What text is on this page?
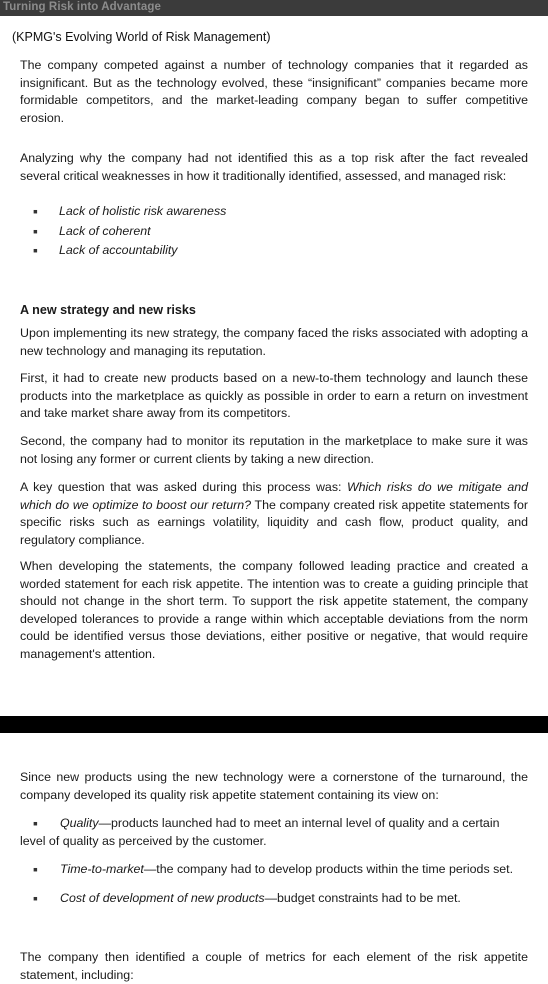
Turning Risk into Advantage
(KPMG's Evolving World of Risk Management)

The company competed against a number of technology companies that it regarded as insignificant. But as the technology evolved, these “insignificant” companies became more formidable competitors, and the market-leading company began to suffer competitive erosion.

Analyzing why the company had not identified this as a top risk after the fact revealed several critical weaknesses in how it traditionally identified, assessed, and managed risk:

▪ Lack of holistic risk awareness
▪ Lack of coherent
▪ Lack of accountability
A new strategy and new risks

Upon implementing its new strategy, the company faced the risks associated with adopting a new technology and managing its reputation.

First, it had to create new products based on a new-to-them technology and launch these products into the marketplace as quickly as possible in order to earn a return on investment and take market share away from its competitors.

Second, the company had to monitor its reputation in the marketplace to make sure it was not losing any former or current clients by taking a new direction.

A key question that was asked during this process was: Which risks do we mitigate and which do we optimize to boost our return? The company created risk appetite statements for specific risks such as earnings volatility, liquidity and cash flow, product quality, and regulatory compliance.

When developing the statements, the company followed leading practice and created a worded statement for each risk appetite. The intention was to create a guiding principle that should not change in the short term. To support the risk appetite statement, the company developed tolerances to provide a range within which acceptable deviations from the norm could be identified versus those deviations, either positive or negative, that would require management's attention.

Since new products using the new technology were a cornerstone of the turnaround, the company developed its quality risk appetite statement containing its view on:

▪ Quality—products launched had to meet an internal level of quality and a certain level of quality as perceived by the customer.
▪ Time-to-market—the company had to develop products within the time periods set.
▪ Cost of development of new products—budget constraints had to be met.

The company then identified a couple of metrics for each element of the risk appetite statement, including:
